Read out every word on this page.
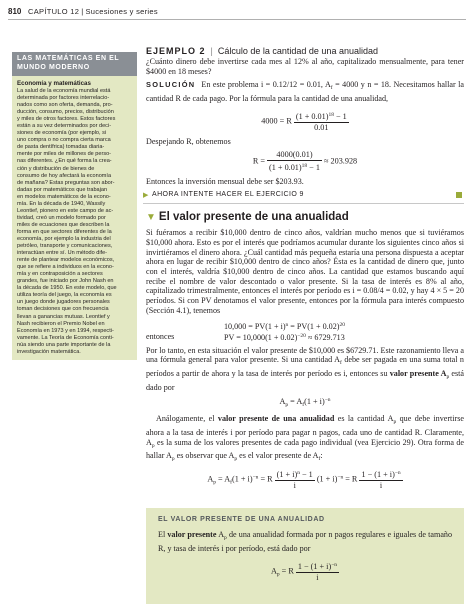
810 CAPÍTULO 12 | Sucesiones y series
LAS MATEMÁTICAS EN EL MUNDO MODERNO
Economía y matemáticas
La salud de la economía mundial está
determinada por factores interrelacio-
nados como son oferta, demanda, pro-
ducción, consumo, precios, distribución
y miles de otros factores. Estos factores
están a su vez determinados por deci-
siones de economía (por ejemplo, si
uno compra o no compra cierta marca
de pasta dentífrica) tomadas diaria-
mente por miles de millones de perso-
nas diferentes. ¿En qué forma la crea-
ción y distribución de bienes de
consumo de hoy afectará la economía
de mañana? Estas preguntas son abor-
dadas por matemáticos que trabajan
en modelos matemáticos de la econo-
mía. En la década de 1940, Wassily
Leontief, pionero en este campo de ac-
tividad, creó un modelo formado por
miles de ecuaciones que describen la
forma en que sectores diferentes de la
economía, por ejemplo la industria del
petróleo, transporte y comunicaciones,
interactúan entre sí. Un método dife-
rente de plantear modelos económicos,
que se refiere a individuos en la econo-
mía y en contraposición a sectores
grandes, fue iniciado por John Nash en
la década de 1950. En este modelo, que
utiliza teoría del juego, la economía es
un juego donde jugadores personales
toman decisiones que con frecuencia
llevan a ganancias mutuas. Leontief y
Nash recibieron el Premio Nobel en
Economía en 1973 y en 1994, respecti-
vamente. La Teoría de Economía conti-
núa siendo una parte importante de la
investigación matemática.
EJEMPLO 2 | Cálculo de la cantidad de una anualidad

¿Cuánto dinero debe invertirse cada mes al 12% al año, capitalizado mensualmente, para tener $4000 en 18 meses?

SOLUCIÓN En este problema i = 0.12/12 = 0.01, $A_f = 4000$ y n = 18. Necesitamos hallar la cantidad R de cada pago. Por la fórmula para la cantidad de una anualidad,

4000 = R $\frac{(1 + 0.01)^{18} - 1}{0.01}$

Despejando R, obtenemos

$R = \frac{4000(0.01)}{(1 + 0.01)^{18} - 1} \approx 203.928$

Entonces la inversión mensual debe ser $203.93.

▶ AHORA INTENTE HACER EL EJERCICIO 9
▼ El valor presente de una anualidad

Si fuéramos a recibir $10,000 dentro de cinco años, valdrían mucho menos que si tuviéramos $10,000 ahora. Esto es por el interés que podríamos acumular durante los siguientes cinco años si invirtiéramos el dinero ahora. ¿Cuál cantidad más pequeña estaría una persona dispuesta a aceptar ahora en lugar de recibir $10,000 dentro de cinco años? Ésta es la cantidad de dinero que, junto con el interés, valdría $10,000 dentro de cinco años. La cantidad que estamos buscando aquí recibe el nombre de valor descontado o valor presente. Si la tasa de interés es 8% al año, capitalizado trimestralmente, entonces el interés por período es i = 0.08/4 = 0.02, y hay 4 × 5 = 20 períodos. Si con PV denotamos el valor presente, entonces por la fórmula para interés compuesto (Sección 4.1), tenemos

$10,000 = PV(1 + i)^n = PV(1 + 0.02)^{20}$
entonces	PV = $10,000(1 + 0.02)^{-20} \approx 6729.713$

Por lo tanto, en esta situación el valor presente de $10,000 es $6729.71. Este razonamiento lleva a una fórmula general para valor presente. Si una cantidad $A_f$ debe ser pagada en una suma total n períodos a partir de ahora y la tasa de interés por período es i, entonces su valor presente $A_p$ está dado por

$A_p = A_f(1 + i)^{-n}$

Análogamente, el valor presente de una anualidad es la cantidad $A_p$ que debe invertirse ahora a la tasa de interés i por período para pagar n pagos, cada uno de cantidad R. Claramente, $A_p$ es la suma de los valores presentes de cada pago individual (vea Ejercicio 29). Otra forma de hallar $A_p$ es observar que $A_p$ es el valor presente de $A_f$:

$A_p = A_f(1 + i)^{-n} = R \frac{(1 + i)^n - 1}{i} (1 + i)^{-n} = R \frac{1 - (1 + i)^{-n}}{i}$
EL VALOR PRESENTE DE UNA ANUALIDAD

El valor presente $A_p$ de una anualidad formada por n pagos regulares e iguales de tamaño R, y tasa de interés i por período, está dado por

$A_p = R \frac{1 - (1 + i)^{-n}}{i}$
